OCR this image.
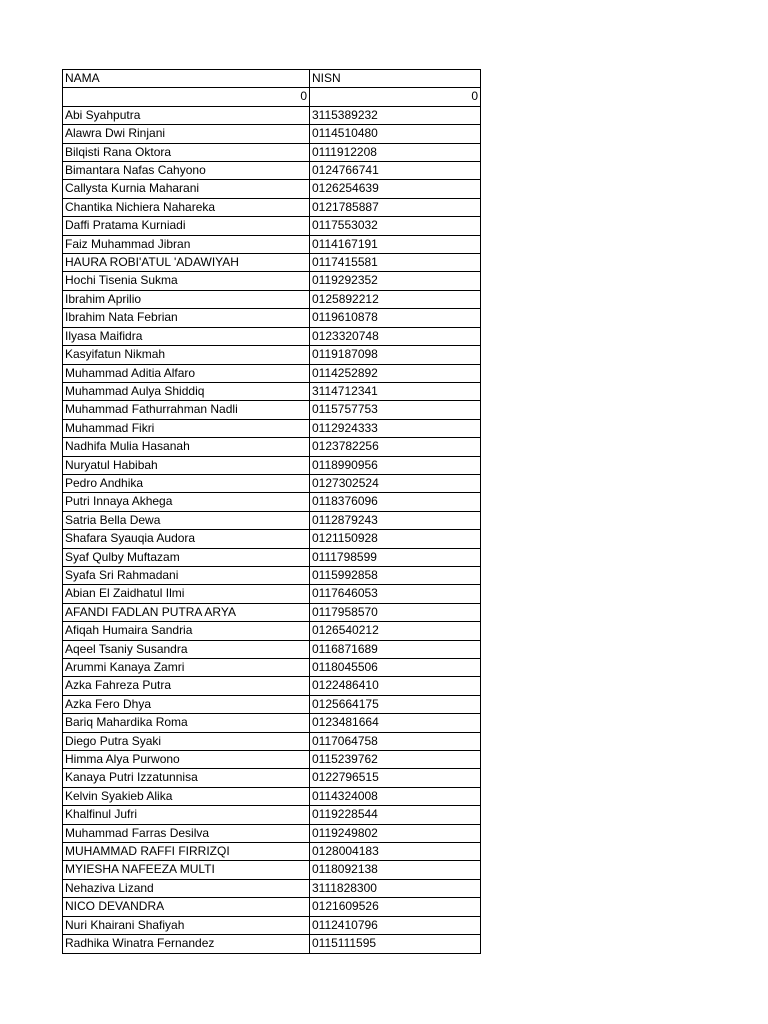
NAMA	NISN
0	0
Abi Syahputra	3115389232
Alawra Dwi Rinjani	0114510480
Bilqisti Rana Oktora	0111912208
Bimantara Nafas Cahyono	0124766741
Callysta Kurnia Maharani	0126254639
Chantika Nichiera Nahareka	0121785887
Daffi Pratama Kurniadi	0117553032
Faiz Muhammad Jibran	0114167191
HAURA ROBI'ATUL 'ADAWIYAH	0117415581
Hochi Tisenia Sukma	0119292352
Ibrahim Aprilio	0125892212
Ibrahim Nata Febrian	0119610878
Ilyasa Maifidra	0123320748
Kasyifatun Nikmah	0119187098
Muhammad Aditia Alfaro	0114252892
Muhammad Aulya Shiddiq	3114712341
Muhammad Fathurrahman Nadli	0115757753
Muhammad Fikri	0112924333
Nadhifa Mulia Hasanah	0123782256
Nuryatul Habibah	0118990956
Pedro Andhika	0127302524
Putri Innaya Akhega	0118376096
Satria Bella Dewa	0112879243
Shafara Syauqia Audora	0121150928
Syaf Qulby Muftazam	0111798599
Syafa Sri Rahmadani	0115992858
Abian El Zaidhatul Ilmi	0117646053
AFANDI FADLAN PUTRA ARYA	0117958570
Afiqah Humaira Sandria	0126540212
Aqeel Tsaniy Susandra	0116871689
Arummi Kanaya Zamri	0118045506
Azka Fahreza Putra	0122486410
Azka Fero Dhya	0125664175
Bariq Mahardika Roma	0123481664
Diego Putra Syaki	0117064758
Himma Alya Purwono	0115239762
Kanaya Putri Izzatunnisa	0122796515
Kelvin Syakieb Alika	0114324008
Khalfinul Jufri	0119228544
Muhammad Farras Desilva	0119249802
MUHAMMAD RAFFI FIRRIZQI	0128004183
MYIESHA NAFEEZA MULTI	0118092138
Nehaziva Lizand	3111828300
NICO DEVANDRA	0121609526
Nuri Khairani Shafiyah	0112410796
Radhika Winatra Fernandez	0115111595
